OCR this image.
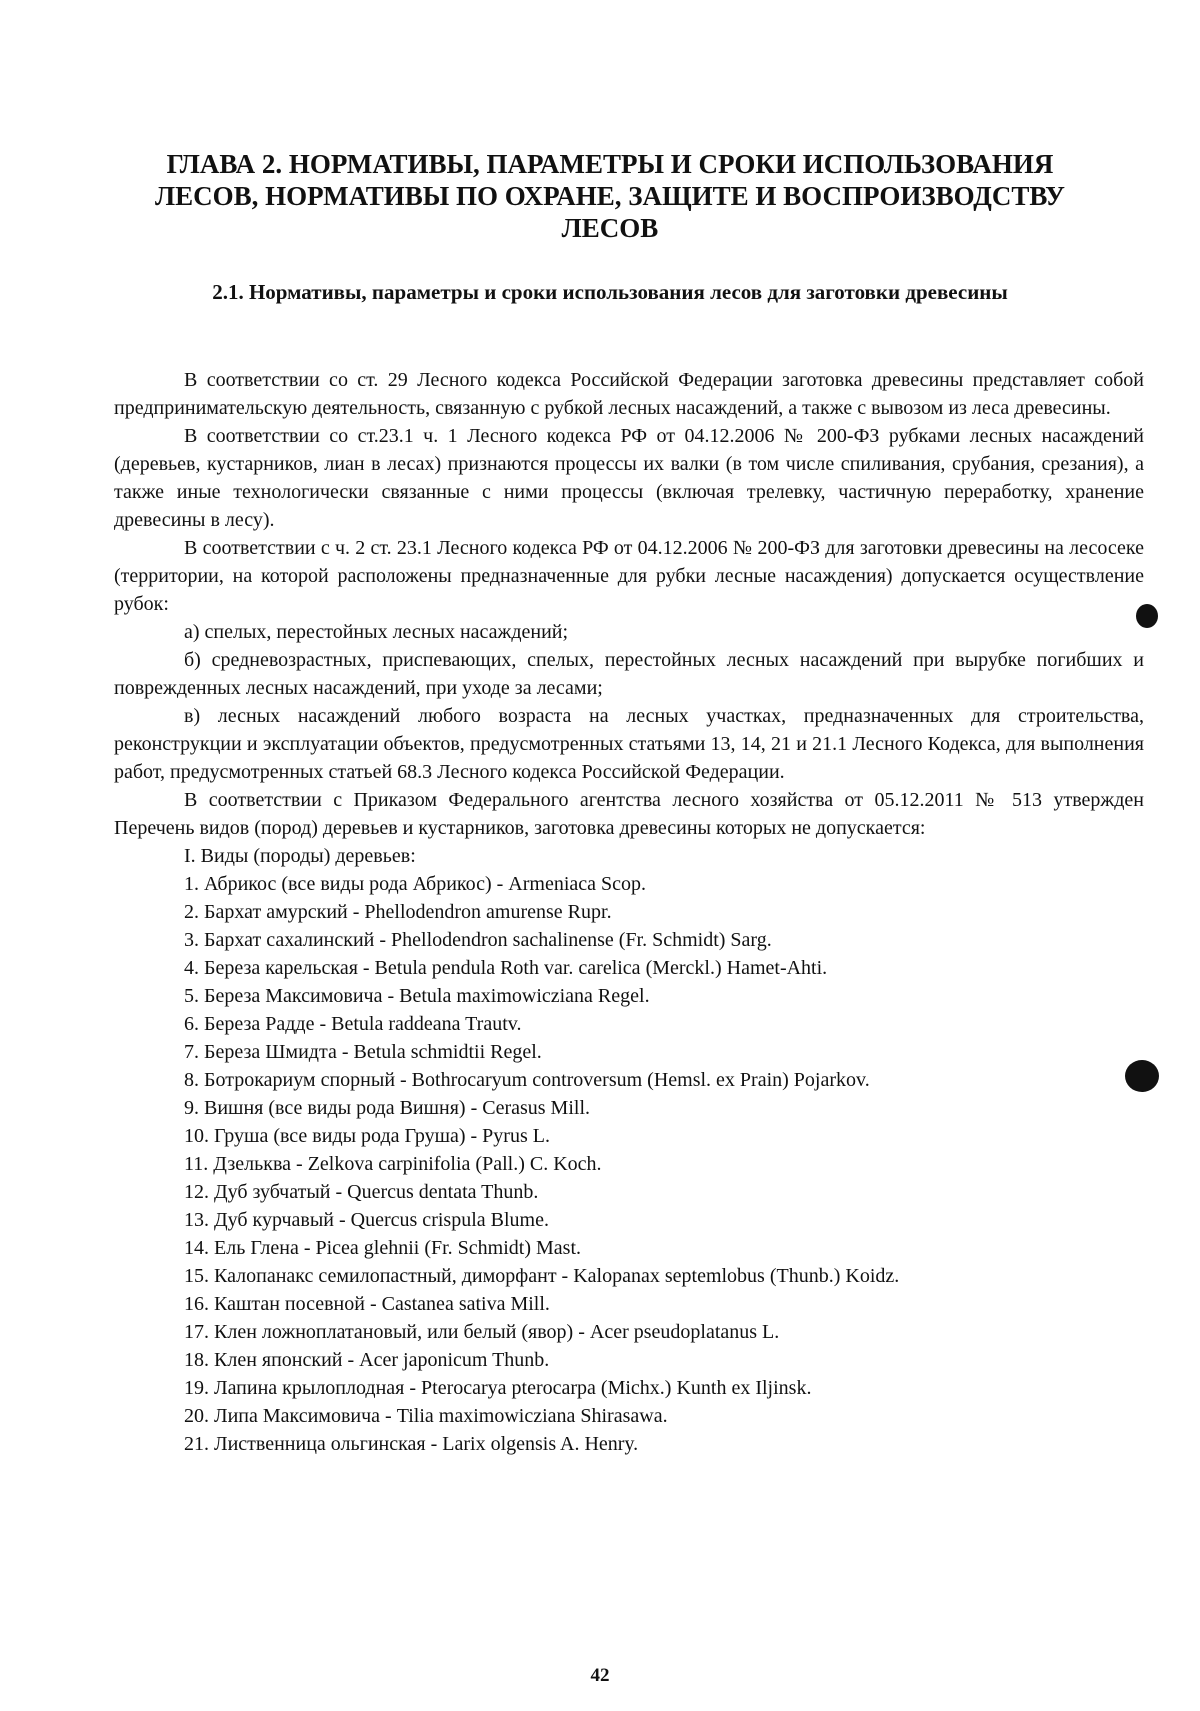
ГЛАВА 2. НОРМАТИВЫ, ПАРАМЕТРЫ И СРОКИ ИСПОЛЬЗОВАНИЯ ЛЕСОВ, НОРМАТИВЫ ПО ОХРАНЕ, ЗАЩИТЕ И ВОСПРОИЗВОДСТВУ ЛЕСОВ
2.1. Нормативы, параметры и сроки использования лесов для заготовки древесины

В соответствии со ст. 29 Лесного кодекса Российской Федерации заготовка древесины представляет собой предпринимательскую деятельность, связанную с рубкой лесных насаждений, а также с вывозом из леса древесины.

В соответствии со ст.23.1 ч. 1 Лесного кодекса РФ от 04.12.2006 № 200-ФЗ рубками лесных насаждений (деревьев, кустарников, лиан в лесах) признаются процессы их валки (в том числе спиливания, срубания, срезания), а также иные технологически связанные с ними процессы (включая трелевку, частичную переработку, хранение древесины в лесу).

В соответствии с ч. 2 ст. 23.1 Лесного кодекса РФ от 04.12.2006 № 200-ФЗ для заготовки древесины на лесосеке (территории, на которой расположены предназначенные для рубки лесные насаждения) допускается осуществление рубок:

а) спелых, перестойных лесных насаждений;

б) средневозрастных, приспевающих, спелых, перестойных лесных насаждений при вырубке погибших и поврежденных лесных насаждений, при уходе за лесами;

в) лесных насаждений любого возраста на лесных участках, предназначенных для строительства, реконструкции и эксплуатации объектов, предусмотренных статьями 13, 14, 21 и 21.1 Лесного Кодекса, для выполнения работ, предусмотренных статьей 68.3 Лесного кодекса Российской Федерации.

В соответствии с Приказом Федерального агентства лесного хозяйства от 05.12.2011 № 513 утвержден Перечень видов (пород) деревьев и кустарников, заготовка древесины которых не допускается:

I. Виды (породы) деревьев:

1. Абрикос (все виды рода Абрикос) - Armeniaca Scop.
2. Бархат амурский - Phellodendron amurense Rupr.
3. Бархат сахалинский - Phellodendron sachalinense (Fr. Schmidt) Sarg.
4. Береза карельская - Betula pendula Roth var. carelica (Merckl.) Hamet-Ahti.
5. Береза Максимовича - Betula maximowicziana Regel.
6. Береза Радде - Betula raddeana Trautv.
7. Береза Шмидта - Betula schmidtii Regel.
8. Ботрокариум спорный - Bothrocaryum controversum (Hemsl. ex Prain) Pojarkov.
9. Вишня (все виды рода Вишня) - Cerasus Mill.
10. Груша (все виды рода Груша) - Pyrus L.
11. Дзельква - Zelkova carpinifolia (Pall.) C. Koch.
12. Дуб зубчатый - Quercus dentata Thunb.
13. Дуб курчавый - Quercus crispula Blume.
14. Ель Глена - Picea glehnii (Fr. Schmidt) Mast.
15. Калопанакс семилопастный, диморфант - Kalopanax septemlobus (Thunb.) Koidz.
16. Каштан посевной - Castanea sativa Mill.
17. Клен ложноплатановый, или белый (явор) - Acer pseudoplatanus L.
18. Клен японский - Acer japonicum Thunb.
19. Лапина крылоплодная - Pterocarya pterocarpa (Michx.) Kunth ex Iljinsk.
20. Липа Максимовича - Tilia maximowicziana Shirasawa.
21. Лиственница ольгинская - Larix olgensis A. Henry.
42
